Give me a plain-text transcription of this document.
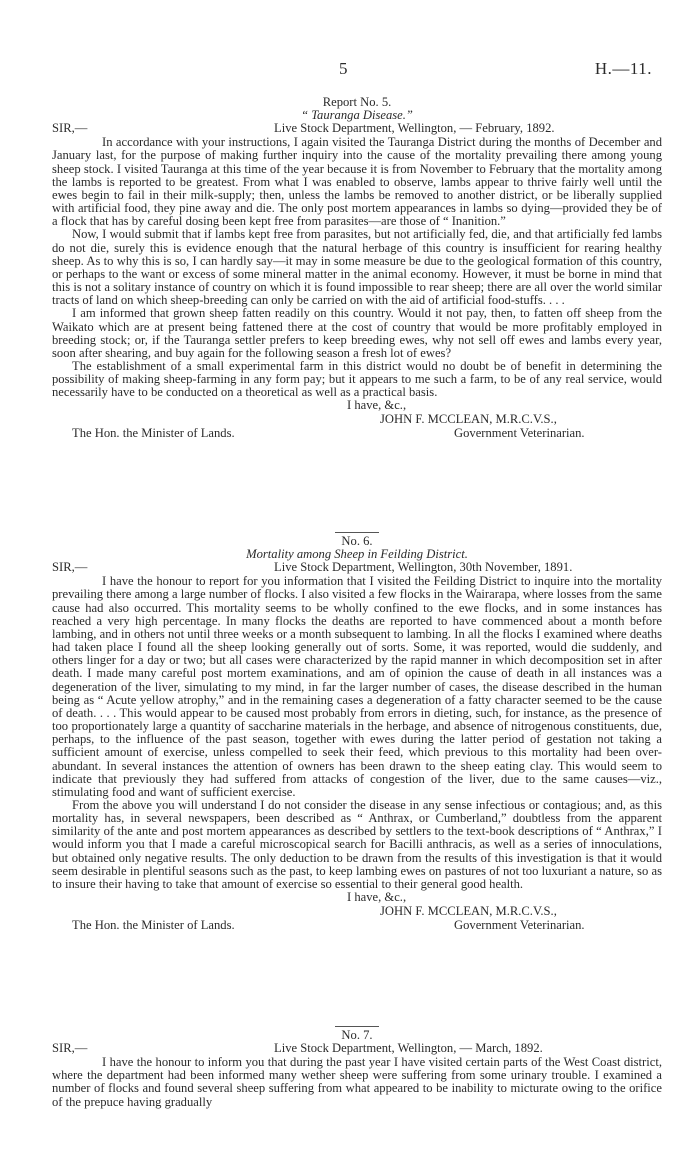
5	H.—11.

Report No. 5.

“ Tauranga Disease.”

SIR,—	Live Stock Department, Wellington, — February, 1892.

In accordance with your instructions, I again visited the Tauranga District during the months of December and January last, for the purpose of making further inquiry into the cause of the mortality prevailing there among young sheep stock. I visited Tauranga at this time of the year because it is from November to February that the mortality among the lambs is reported to be greatest. From what I was enabled to observe, lambs appear to thrive fairly well until the ewes begin to fail in their milk-supply; then, unless the lambs be removed to another district, or be liberally supplied with artificial food, they pine away and die. The only post mortem appearances in lambs so dying—provided they be of a flock that has by careful dosing been kept free from parasites—are those of “ Inanition.”

Now, I would submit that if lambs kept free from parasites, but not artificially fed, die, and that artificially fed lambs do not die, surely this is evidence enough that the natural herbage of this country is insufficient for rearing healthy sheep. As to why this is so, I can hardly say—it may in some measure be due to the geological formation of this country, or perhaps to the want or excess of some mineral matter in the animal economy. However, it must be borne in mind that this is not a solitary instance of country on which it is found impossible to rear sheep; there are all over the world similar tracts of land on which sheep-breeding can only be carried on with the aid of artificial food-stuffs. . . .

I am informed that grown sheep fatten readily on this country. Would it not pay, then, to fatten off sheep from the Waikato which are at present being fattened there at the cost of country that would be more profitably employed in breeding stock; or, if the Tauranga settler prefers to keep breeding ewes, why not sell off ewes and lambs every year, soon after shearing, and buy again for the following season a fresh lot of ewes?

The establishment of a small experimental farm in this district would no doubt be of benefit in determining the possibility of making sheep-farming in any form pay; but it appears to me such a farm, to be of any real service, would necessarily have to be conducted on a theoretical as well as a practical basis.

I have, &c.,
JOHN F. MCCLEAN, M.R.C.V.S.,
The Hon. the Minister of Lands.	Government Veterinarian.

No. 6.

Mortality among Sheep in Feilding District.

SIR,—	Live Stock Department, Wellington, 30th November, 1891.

I have the honour to report for you information that I visited the Feilding District to inquire into the mortality prevailing there among a large number of flocks. I also visited a few flocks in the Wairarapa, where losses from the same cause had also occurred. This mortality seems to be wholly confined to the ewe flocks, and in some instances has reached a very high percentage. In many flocks the deaths are reported to have commenced about a month before lambing, and in others not until three weeks or a month subsequent to lambing. In all the flocks I examined where deaths had taken place I found all the sheep looking generally out of sorts. Some, it was reported, would die suddenly, and others linger for a day or two; but all cases were characterized by the rapid manner in which decomposition set in after death. I made many careful post mortem examinations, and am of opinion the cause of death in all instances was a degeneration of the liver, simulating to my mind, in far the larger number of cases, the disease described in the human being as “ Acute yellow atrophy,” and in the remaining cases a degeneration of a fatty character seemed to be the cause of death. . . . This would appear to be caused most probably from errors in dieting, such, for instance, as the presence of too proportionately large a quantity of saccharine materials in the herbage, and absence of nitrogenous constituents, due, perhaps, to the influence of the past season, together with ewes during the latter period of gestation not taking a sufficient amount of exercise, unless compelled to seek their feed, which previous to this mortality had been over-abundant. In several instances the attention of owners has been drawn to the sheep eating clay. This would seem to indicate that previously they had suffered from attacks of congestion of the liver, due to the same causes—viz., stimulating food and want of sufficient exercise.

From the above you will understand I do not consider the disease in any sense infectious or contagious; and, as this mortality has, in several newspapers, been described as “ Anthrax, or Cumberland,” doubtless from the apparent similarity of the ante and post mortem appearances as described by settlers to the text-book descriptions of “ Anthrax,” I would inform you that I made a careful microscopical search for Bacilli anthracis, as well as a series of innoculations, but obtained only negative results. The only deduction to be drawn from the results of this investigation is that it would seem desirable in plentiful seasons such as the past, to keep lambing ewes on pastures of not too luxuriant a nature, so as to insure their having to take that amount of exercise so essential to their general good health.

I have, &c.,
JOHN F. MCCLEAN, M.R.C.V.S.,
The Hon. the Minister of Lands.	Government Veterinarian.

No. 7.

SIR,—	Live Stock Department, Wellington, — March, 1892.

I have the honour to inform you that during the past year I have visited certain parts of the West Coast district, where the department had been informed many wether sheep were suffering from some urinary trouble. I examined a number of flocks and found several sheep suffering from what appeared to be inability to micturate owing to the orifice of the prepuce having gradually
